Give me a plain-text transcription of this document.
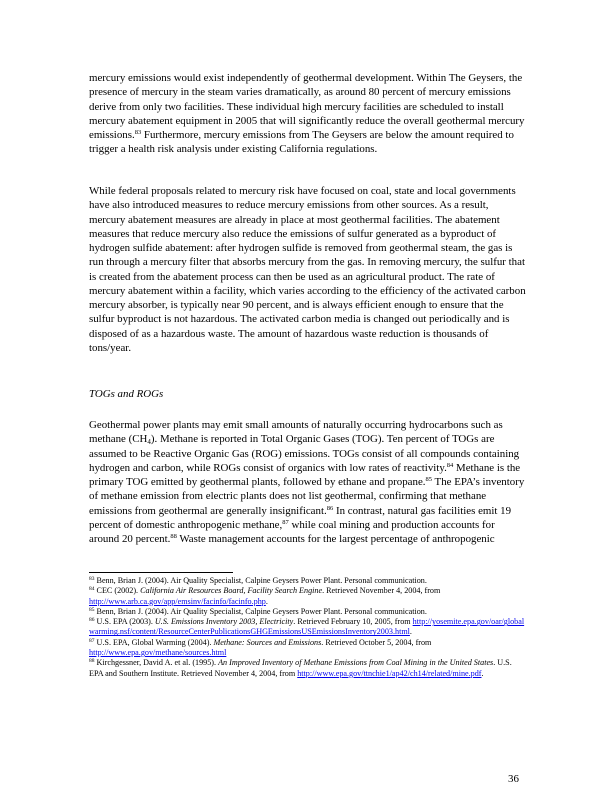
mercury emissions would exist independently of geothermal development. Within The Geysers, the presence of mercury in the steam varies dramatically, as around 80 percent of mercury emissions derive from only two facilities. These individual high mercury facilities are scheduled to install mercury abatement equipment in 2005 that will significantly reduce the overall geothermal mercury emissions.$^{83}$ Furthermore, mercury emissions from The Geysers are below the amount required to trigger a health risk analysis under existing California regulations.

While federal proposals related to mercury risk have focused on coal, state and local governments have also introduced measures to reduce mercury emissions from other sources. As a result, mercury abatement measures are already in place at most geothermal facilities. The abatement measures that reduce mercury also reduce the emissions of sulfur generated as a byproduct of hydrogen sulfide abatement: after hydrogen sulfide is removed from geothermal steam, the gas is run through a mercury filter that absorbs mercury from the gas. In removing mercury, the sulfur that is created from the abatement process can then be used as an agricultural product. The rate of mercury abatement within a facility, which varies according to the efficiency of the activated carbon mercury absorber, is typically near 90 percent, and is always efficient enough to ensure that the sulfur byproduct is not hazardous. The activated carbon media is changed out periodically and is disposed of as a hazardous waste. The amount of hazardous waste reduction is thousands of tons/year.

TOGs and ROGs

Geothermal power plants may emit small amounts of naturally occurring hydrocarbons such as methane $(CH_4)$. Methane is reported in Total Organic Gases (TOG). Ten percent of TOGs are assumed to be Reactive Organic Gas (ROG) emissions. TOGs consist of all compounds containing hydrogen and carbon, while ROGs consist of organics with low rates of reactivity.$^{84}$ Methane is the primary TOG emitted by geothermal plants, followed by ethane and propane.$^{85}$ The EPA’s inventory of methane emission from electric plants does not list geothermal, confirming that methane emissions from geothermal are generally insignificant.$^{86}$ In contrast, natural gas facilities emit 19 percent of domestic anthropogenic methane,$^{87}$ while coal mining and production accounts for around 20 percent.$^{88}$ Waste management accounts for the largest percentage of anthropogenic

$^{83}$ Benn, Brian J. (2004). Air Quality Specialist, Calpine Geysers Power Plant. Personal communication.

$^{84}$ CEC (2002). California Air Resources Board, Facility Search Engine. Retrieved November 4, 2004, from http://www.arb.ca.gov/app/emsinv/facinfo/facinfo.php.

$^{85}$ Benn, Brian J. (2004). Air Quality Specialist, Calpine Geysers Power Plant. Personal communication.

$^{86}$ U.S. EPA (2003). U.S. Emissions Inventory 2003, Electricity. Retrieved February 10, 2005, from http://yosemite.epa.gov/oar/globalwarming.nsf/content/ResourceCenterPublicationsGHGEmissionsUSEmissionsInventory2003.html.

$^{87}$ U.S. EPA, Global Warming (2004). Methane: Sources and Emissions. Retrieved October 5, 2004, from http://www.epa.gov/methane/sources.html

$^{88}$ Kirchgessner, David A. et al. (1995). An Improved Inventory of Methane Emissions from Coal Mining in the United States. U.S. EPA and Southern Institute. Retrieved November 4, 2004, from http://www.epa.gov/ttnchie1/ap42/ch14/related/mine.pdf.

36
